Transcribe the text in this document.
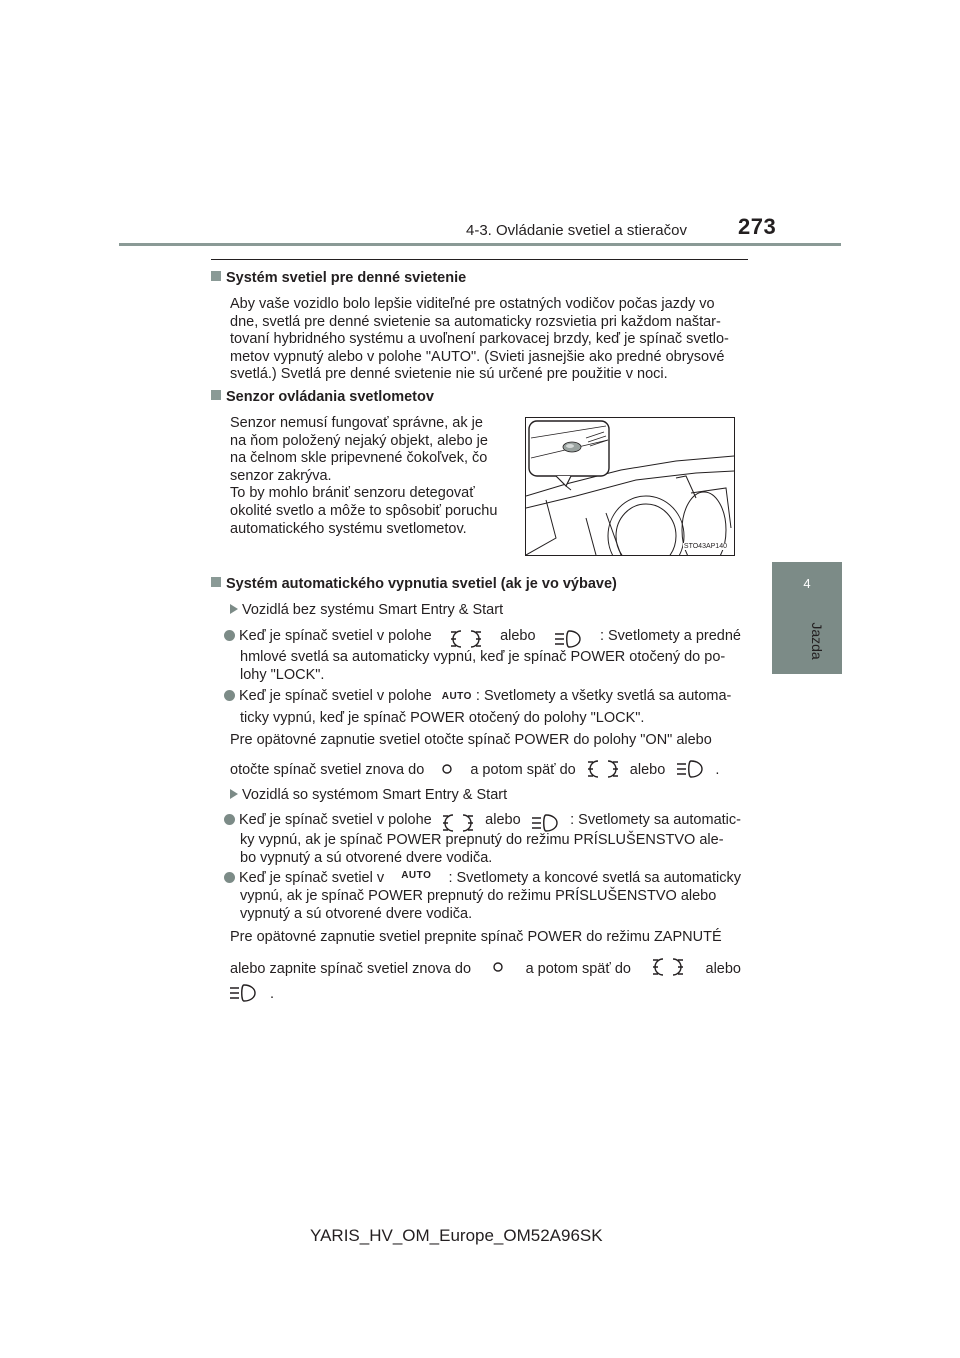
4-3. Ovládanie svetiel a stieračov 273
4
Jazda
Systém svetiel pre denné svietenie
Aby vaše vozidlo bolo lepšie viditeľné pre ostatných vodičov počas jazdy vo
dne, svetlá pre denné svietenie sa automaticky rozsvietia pri každom naštar-
tovaní hybridného systému a uvoľnení parkovacej brzdy, keď je spínač svetlo-
metov vypnutý alebo v polohe "AUTO". (Svieti jasnejšie ako predné obrysové
svetlá.) Svetlá pre denné svietenie nie sú určené pre použitie v noci.
Senzor ovládania svetlometov
Senzor nemusí fungovať správne, ak je
na ňom položený nejaký objekt, alebo je
na čelnom skle pripevnené čokoľvek, čo
senzor zakrýva.
To by mohlo brániť senzoru detegovať
okolité svetlo a môže to spôsobiť poruchu
automatického systému svetlometov.
STO43AP140
Systém automatického vypnutia svetiel (ak je vo výbave)
Vozidlá bez systému Smart Entry & Start
Keď je spínač svetiel v polohe	alebo	: Svetlomety a predné
hmlové svetlá sa automaticky vypnú, keď je spínač POWER otočený do po-
lohy "LOCK".
Keď je spínač svetiel v polohe AUTO : Svetlomety a všetky svetlá sa automa-
ticky vypnú, keď je spínač POWER otočený do polohy "LOCK".
Pre opätovné zapnutie svetiel otočte spínač POWER do polohy "ON" alebo
otočte spínač svetiel znova do	a potom späť do	alebo	.
Vozidlá so systémom Smart Entry & Start
Keď je spínač svetiel v polohe	alebo	: Svetlomety sa automatic-
ky vypnú, ak je spínač POWER prepnutý do režimu PRÍSLUŠENSTVO ale-
bo vypnutý a sú otvorené dvere vodiča.
Keď je spínač svetiel v AUTO : Svetlomety a koncové svetlá sa automaticky
vypnú, ak je spínač POWER prepnutý do režimu PRÍSLUŠENSTVO alebo
vypnutý a sú otvorené dvere vodiča.
Pre opätovné zapnutie svetiel prepnite spínač POWER do režimu ZAPNUTÉ
alebo zapnite spínač svetiel znova do	a potom späť do	alebo
.
YARIS_HV_OM_Europe_OM52A96SK
